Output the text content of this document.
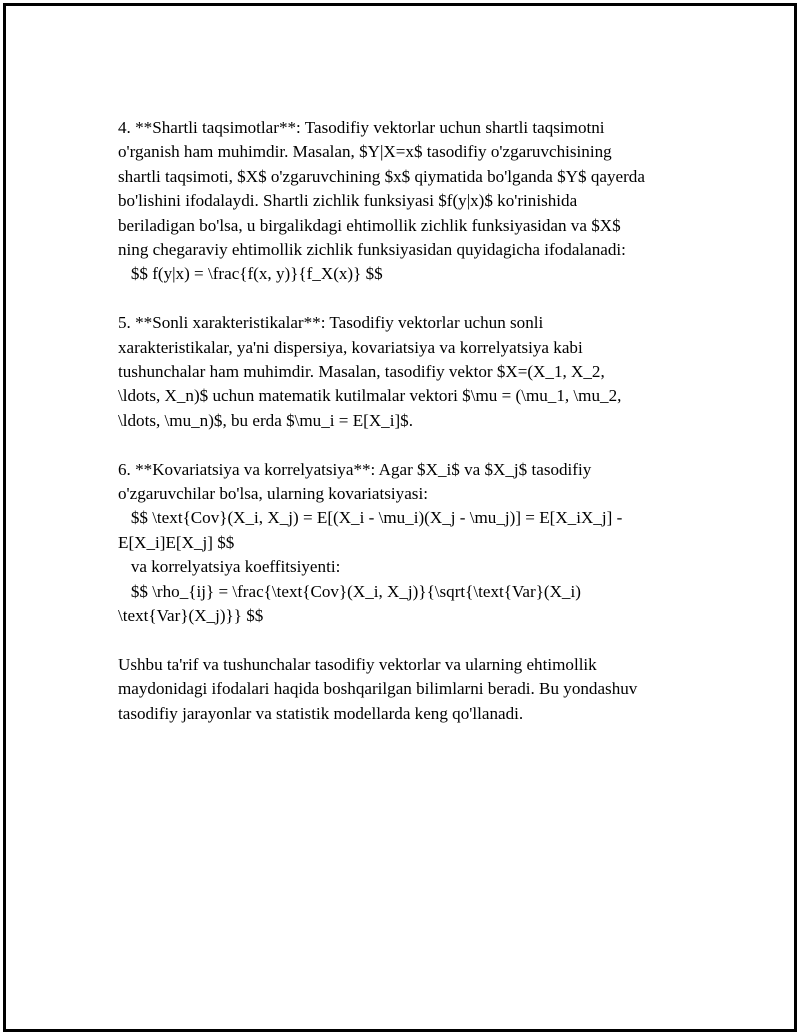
4. **Shartli taqsimotlar**: Tasodifiy vektorlar uchun shartli taqsimotni
o'rganish ham muhimdir. Masalan, $Y|X=x$ tasodifiy o'zgaruvchisining
shartli taqsimoti, $X$ o'zgaruvchining $x$ qiymatida bo'lganda $Y$ qayerda
bo'lishini ifodalaydi. Shartli zichlik funksiyasi $f(y|x)$ ko'rinishida
beriladigan bo'lsa, u birgalikdagi ehtimollik zichlik funksiyasidan va $X$
ning chegaraviy ehtimollik zichlik funksiyasidan quyidagicha ifodalanadi:
$$ f(y|x) = \frac{f(x, y)}{f_X(x)} $$

5. **Sonli xarakteristikalar**: Tasodifiy vektorlar uchun sonli
xarakteristikalar, ya'ni dispersiya, kovariatsiya va korrelyatsiya kabi
tushunchalar ham muhimdir. Masalan, tasodifiy vektor $X=(X_1, X_2,
\ldots, X_n)$ uchun matematik kutilmalar vektori $\mu = (\mu_1, \mu_2,
\ldots, \mu_n)$, bu erda $\mu_i = E[X_i]$.

6. **Kovariatsiya va korrelyatsiya**: Agar $X_i$ va $X_j$ tasodifiy
o'zgaruvchilar bo'lsa, ularning kovariatsiyasi:
$$ \text{Cov}(X_i, X_j) = E[(X_i - \mu_i)(X_j - \mu_j)] = E[X_iX_j] -
E[X_i]E[X_j] $$
va korrelyatsiya koeffitsiyenti:
$$ \rho_{ij} = \frac{\text{Cov}(X_i, X_j)}{\sqrt{\text{Var}(X_i)
\text{Var}(X_j)}} $$

Ushbu ta'rif va tushunchalar tasodifiy vektorlar va ularning ehtimollik
maydonidagi ifodalari haqida boshqarilgan bilimlarni beradi. Bu yondashuv
tasodifiy jarayonlar va statistik modellarda keng qo'llanadi.
